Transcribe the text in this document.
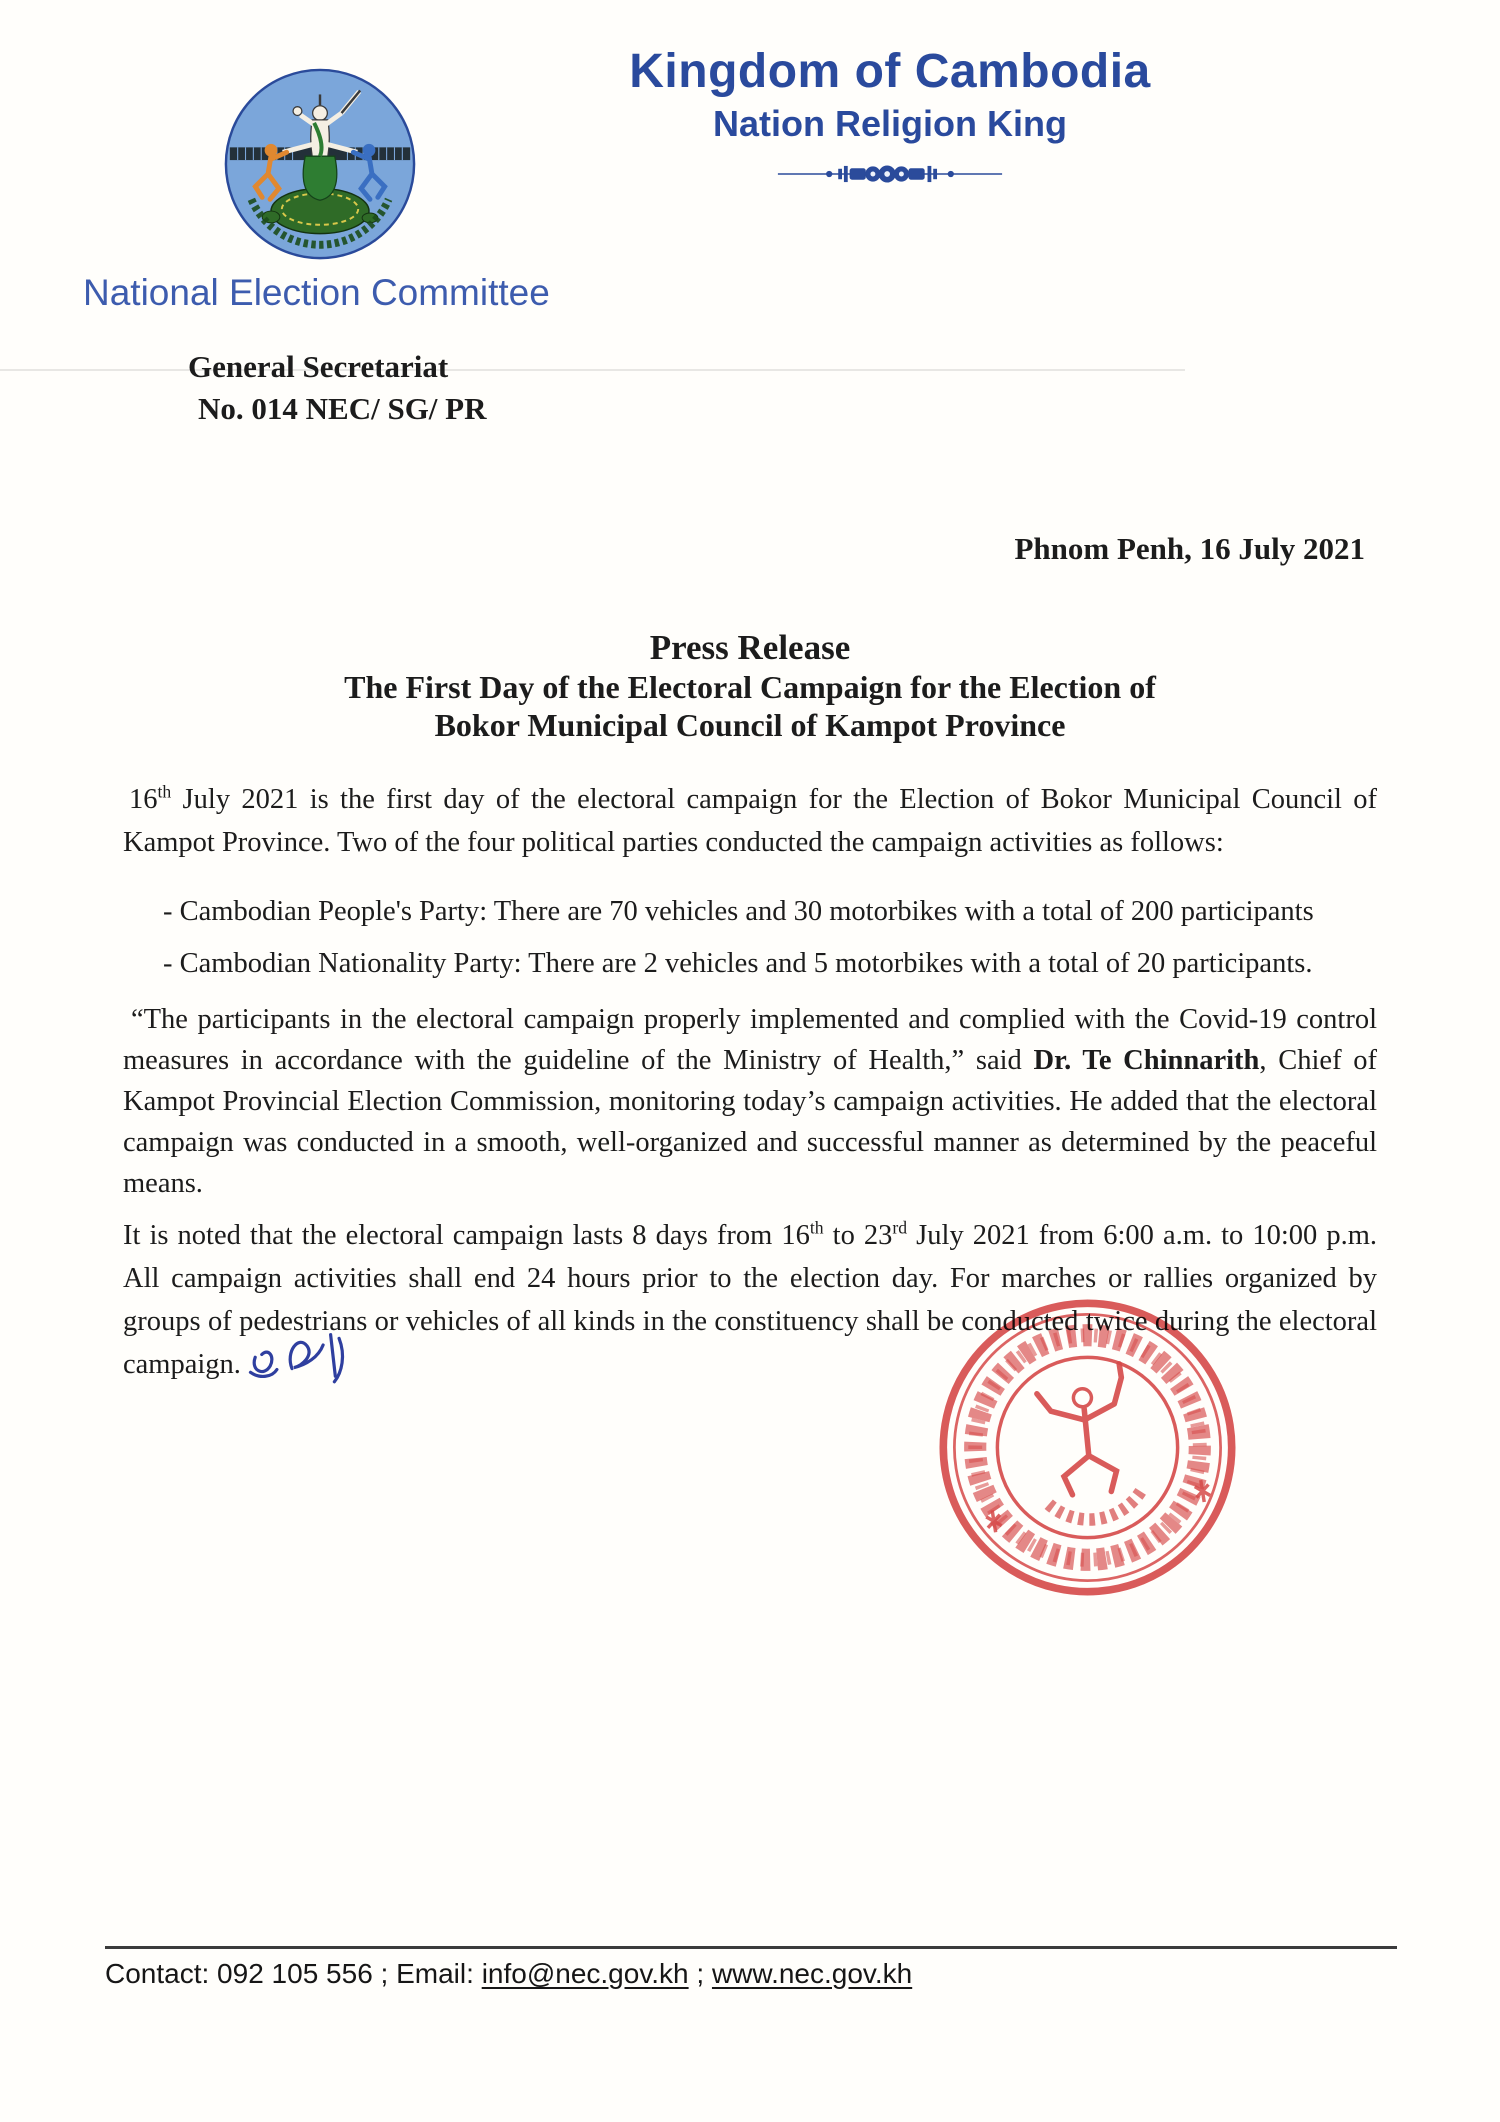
Kingdom of Cambodia
Nation Religion King
National Election Committee
General Secretariat
No. 014 NEC/ SG/ PR
Phnom Penh, 16 July 2021
Press Release
The First Day of the Electoral Campaign for the Election of
Bokor Municipal Council of Kampot Province

16th July 2021 is the first day of the electoral campaign for the Election of Bokor Municipal Council of Kampot Province. Two of the four political parties conducted the campaign activities as follows:

- Cambodian People's Party: There are 70 vehicles and 30 motorbikes with a total of 200 participants

- Cambodian Nationality Party: There are 2 vehicles and 5 motorbikes with a total of 20 participants.

“The participants in the electoral campaign properly implemented and complied with the Covid-19 control measures in accordance with the guideline of the Ministry of Health,” said Dr. Te Chinnarith, Chief of Kampot Provincial Election Commission, monitoring today’s campaign activities. He added that the electoral campaign was conducted in a smooth, well-organized and successful manner as determined by the peaceful means.

It is noted that the electoral campaign lasts 8 days from 16th to 23rd July 2021 from 6:00 a.m. to 10:00 p.m. All campaign activities shall end 24 hours prior to the election day. For marches or rallies organized by groups of pedestrians or vehicles of all kinds in the constituency shall be conducted twice during the electoral campaign.

Contact: 092 105 556 ; Email: info@nec.gov.kh ; www.nec.gov.kh
